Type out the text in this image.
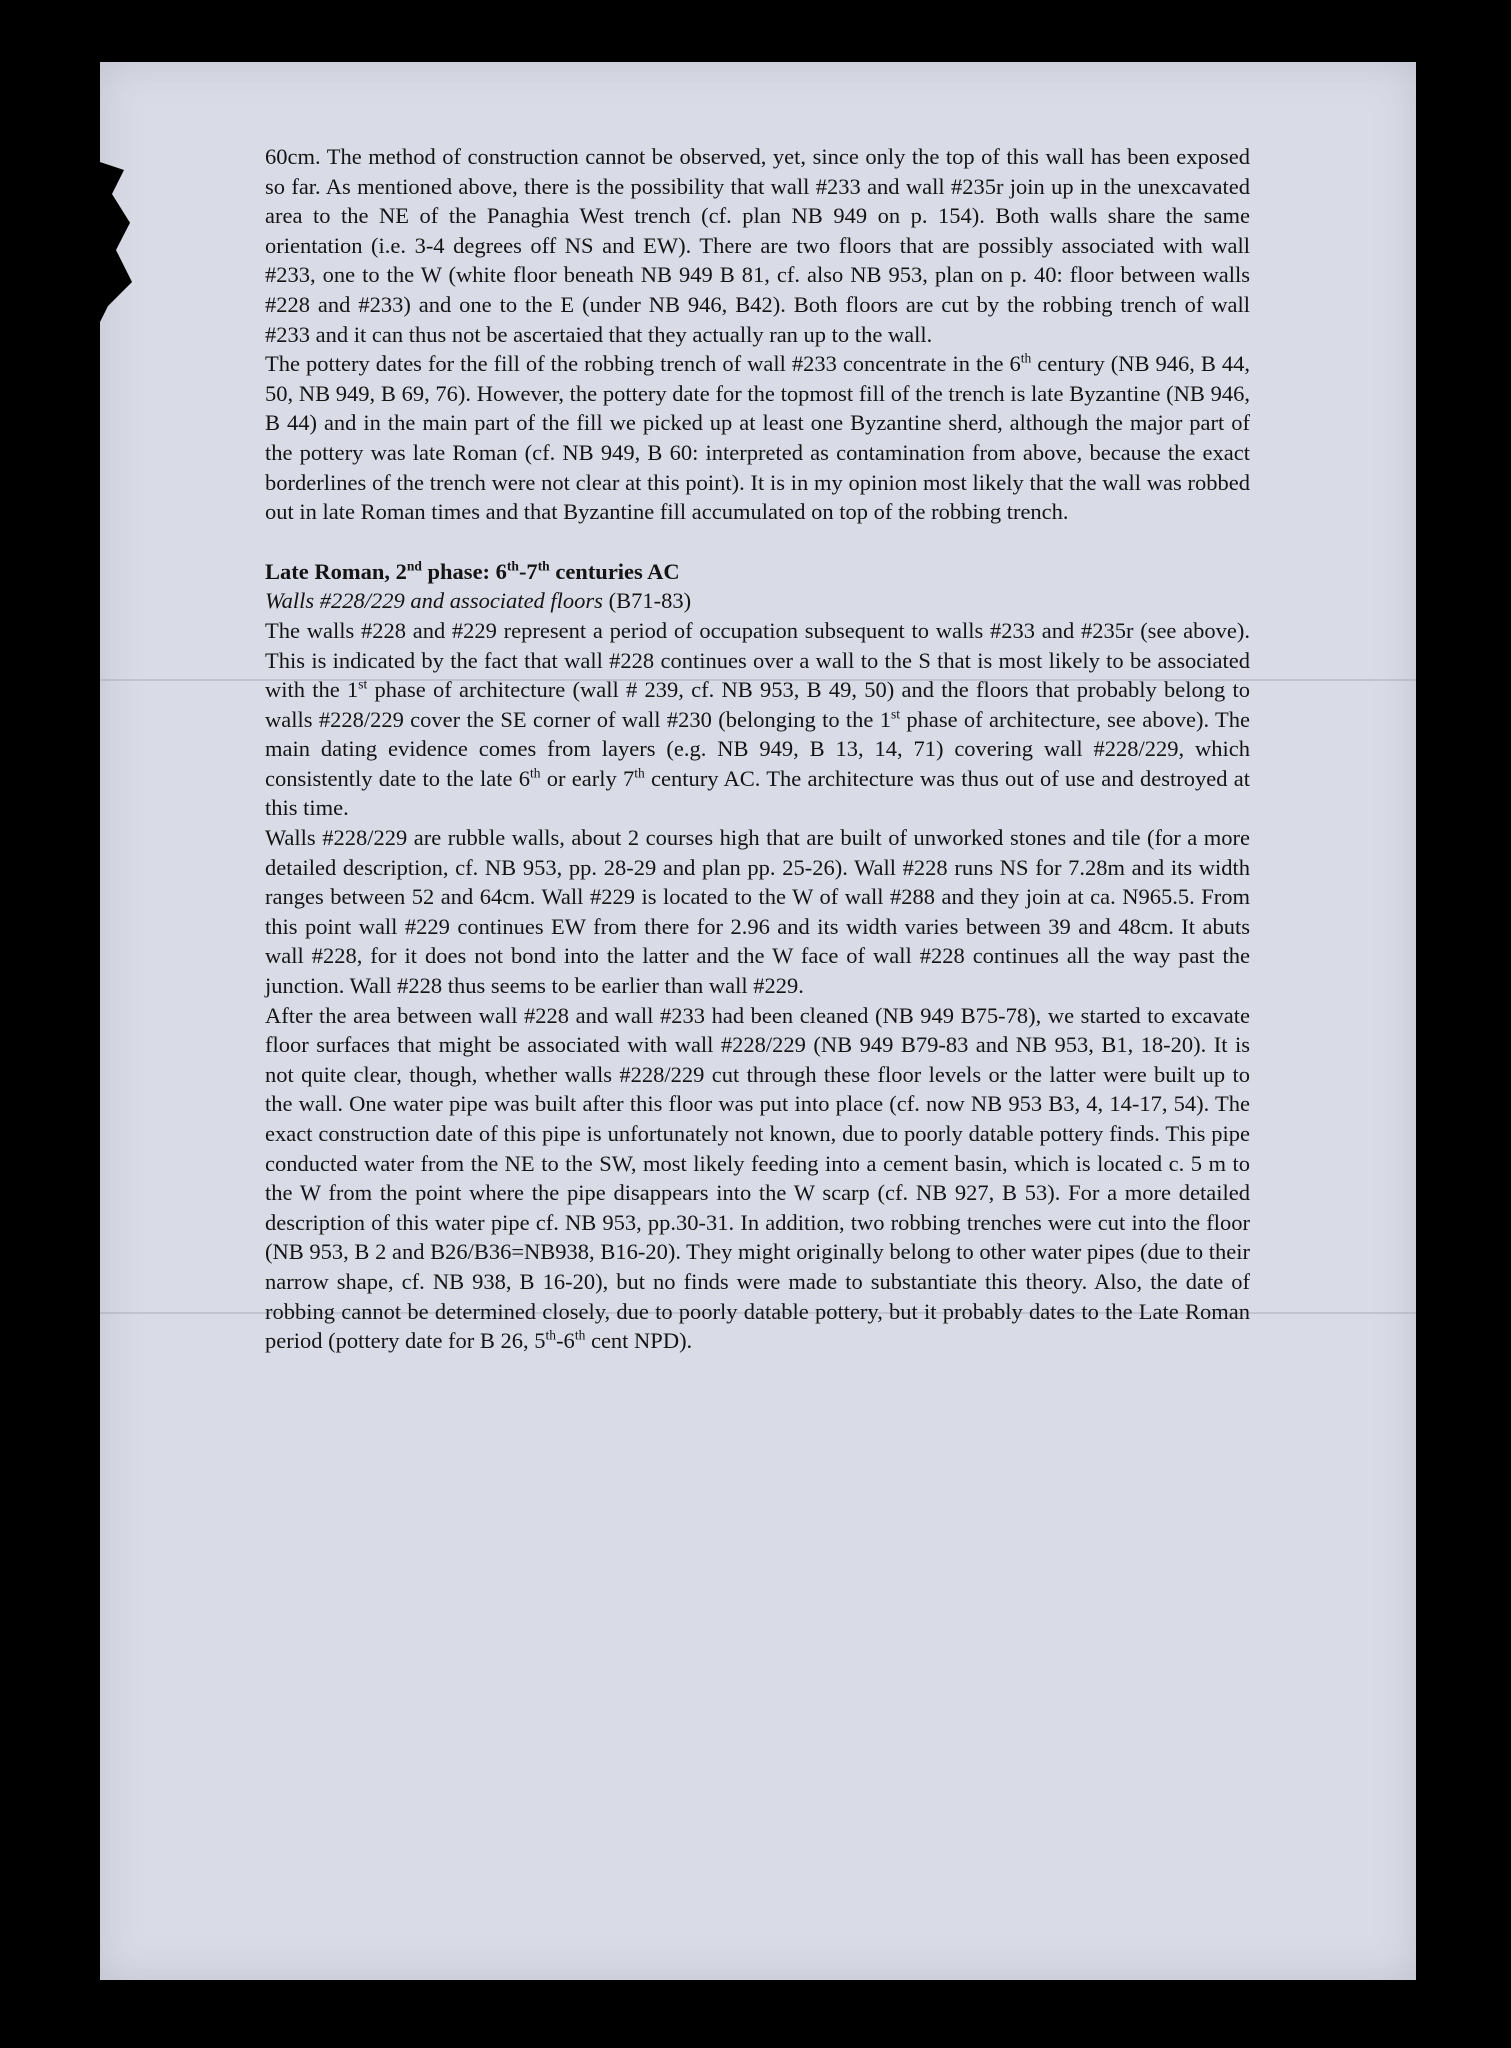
60cm. The method of construction cannot be observed, yet, since only the top of this wall has been exposed so far. As mentioned above, there is the possibility that wall #233 and wall #235r join up in the unexcavated area to the NE of the Panaghia West trench (cf. plan NB 949 on p. 154). Both walls share the same orientation (i.e. 3-4 degrees off NS and EW). There are two floors that are possibly associated with wall #233, one to the W (white floor beneath NB 949 B 81, cf. also NB 953, plan on p. 40: floor between walls #228 and #233) and one to the E (under NB 946, B42). Both floors are cut by the robbing trench of wall #233 and it can thus not be ascertaied that they actually ran up to the wall.

The pottery dates for the fill of the robbing trench of wall #233 concentrate in the 6th century (NB 946, B 44, 50, NB 949, B 69, 76). However, the pottery date for the topmost fill of the trench is late Byzantine (NB 946, B 44) and in the main part of the fill we picked up at least one Byzantine sherd, although the major part of the pottery was late Roman (cf. NB 949, B 60: interpreted as contamination from above, because the exact borderlines of the trench were not clear at this point). It is in my opinion most likely that the wall was robbed out in late Roman times and that Byzantine fill accumulated on top of the robbing trench.

Late Roman, 2nd phase: 6th-7th centuries AC

Walls #228/229 and associated floors (B71-83)

The walls #228 and #229 represent a period of occupation subsequent to walls #233 and #235r (see above). This is indicated by the fact that wall #228 continues over a wall to the S that is most likely to be associated with the 1st phase of architecture (wall # 239, cf. NB 953, B 49, 50) and the floors that probably belong to walls #228/229 cover the SE corner of wall #230 (belonging to the 1st phase of architecture, see above). The main dating evidence comes from layers (e.g. NB 949, B 13, 14, 71) covering wall #228/229, which consistently date to the late 6th or early 7th century AC. The architecture was thus out of use and destroyed at this time.

Walls #228/229 are rubble walls, about 2 courses high that are built of unworked stones and tile (for a more detailed description, cf. NB 953, pp. 28-29 and plan pp. 25-26). Wall #228 runs NS for 7.28m and its width ranges between 52 and 64cm. Wall #229 is located to the W of wall #288 and they join at ca. N965.5. From this point wall #229 continues EW from there for 2.96 and its width varies between 39 and 48cm. It abuts wall #228, for it does not bond into the latter and the W face of wall #228 continues all the way past the junction. Wall #228 thus seems to be earlier than wall #229.

After the area between wall #228 and wall #233 had been cleaned (NB 949 B75-78), we started to excavate floor surfaces that might be associated with wall #228/229 (NB 949 B79-83 and NB 953, B1, 18-20). It is not quite clear, though, whether walls #228/229 cut through these floor levels or the latter were built up to the wall. One water pipe was built after this floor was put into place (cf. now NB 953 B3, 4, 14-17, 54). The exact construction date of this pipe is unfortunately not known, due to poorly datable pottery finds. This pipe conducted water from the NE to the SW, most likely feeding into a cement basin, which is located c. 5 m to the W from the point where the pipe disappears into the W scarp (cf. NB 927, B 53). For a more detailed description of this water pipe cf. NB 953, pp.30-31. In addition, two robbing trenches were cut into the floor (NB 953, B 2 and B26/B36=NB938, B16-20). They might originally belong to other water pipes (due to their narrow shape, cf. NB 938, B 16-20), but no finds were made to substantiate this theory. Also, the date of robbing cannot be determined closely, due to poorly datable pottery, but it probably dates to the Late Roman period (pottery date for B 26, 5th-6th cent NPD).
